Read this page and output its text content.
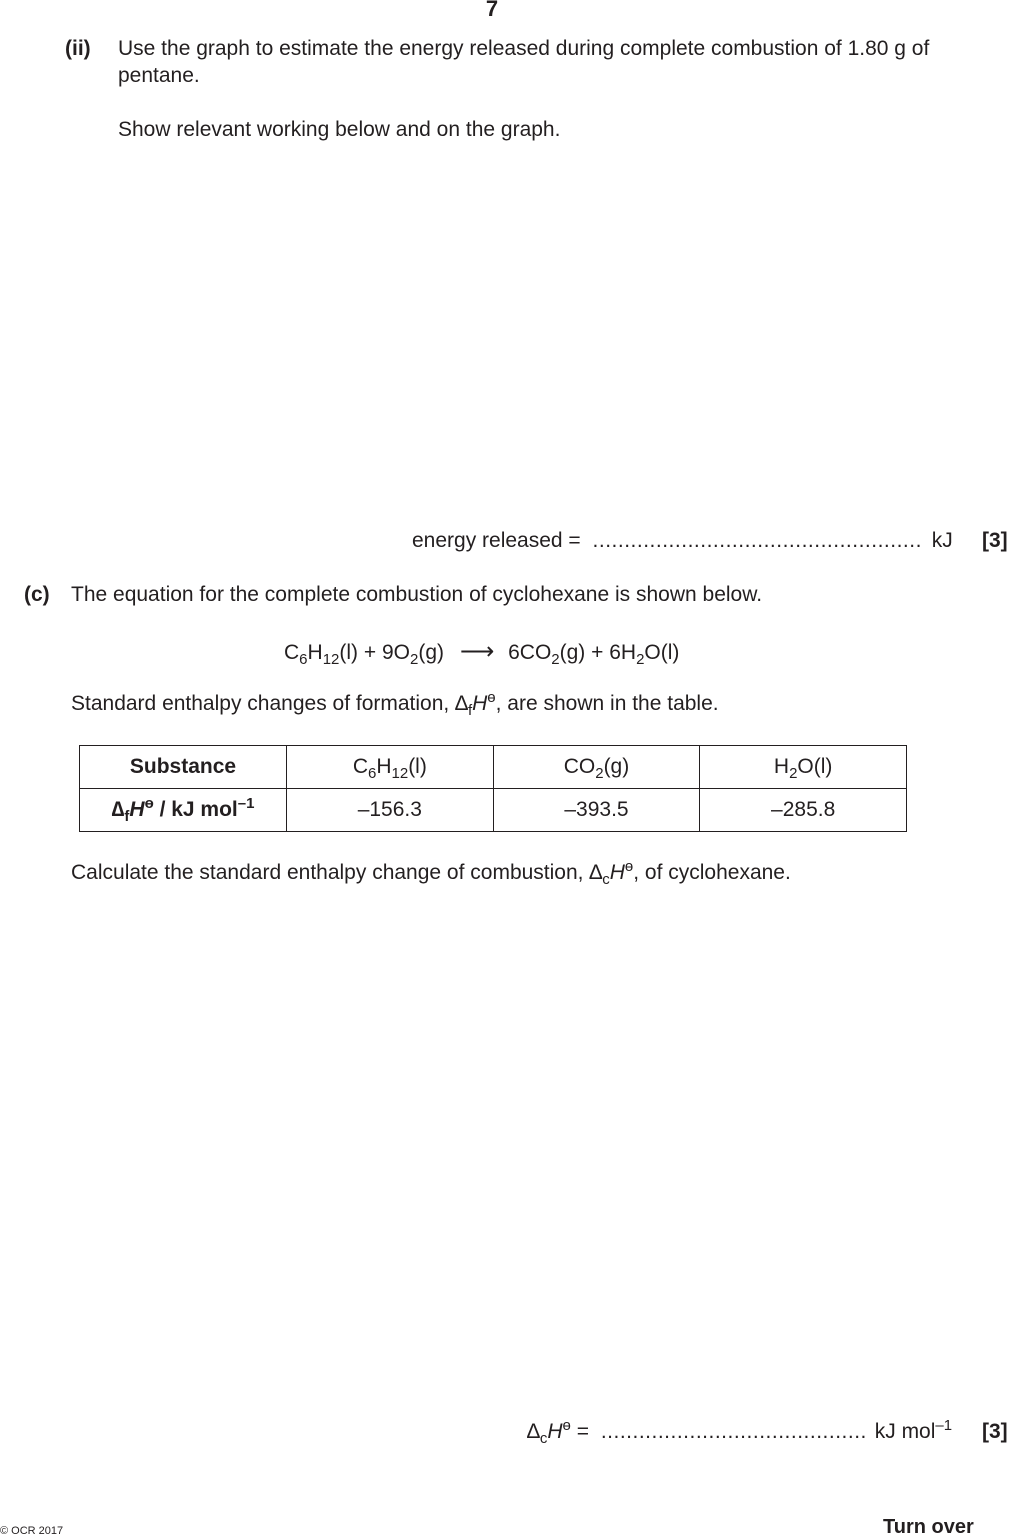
7
(ii) Use the graph to estimate the energy released during complete combustion of 1.80 g of
pentane.
Show relevant working below and on the graph.
energy released = .................................................... kJ [3]
(c) The equation for the complete combustion of cyclohexane is shown below.
$C_6H_{12}(l) + 9O_2(g)$ ⟶ $6CO_2(g) + 6H_2O(l)$
Standard enthalpy changes of formation, $\Delta_fH^ө$, are shown in the table.
Substance	$C_6H_{12}(l)$	$CO_2(g)$	$H_2O(l)$
$\Delta_fH^ө$ / kJ mol$^{-1}$	–156.3	–393.5	–285.8
Calculate the standard enthalpy change of combustion, $\Delta_cH^ө$, of cyclohexane.
$\Delta_cH^ө$ = .......................................... kJ mol$^{-1}$ [3]
© OCR 2017	Turn over
